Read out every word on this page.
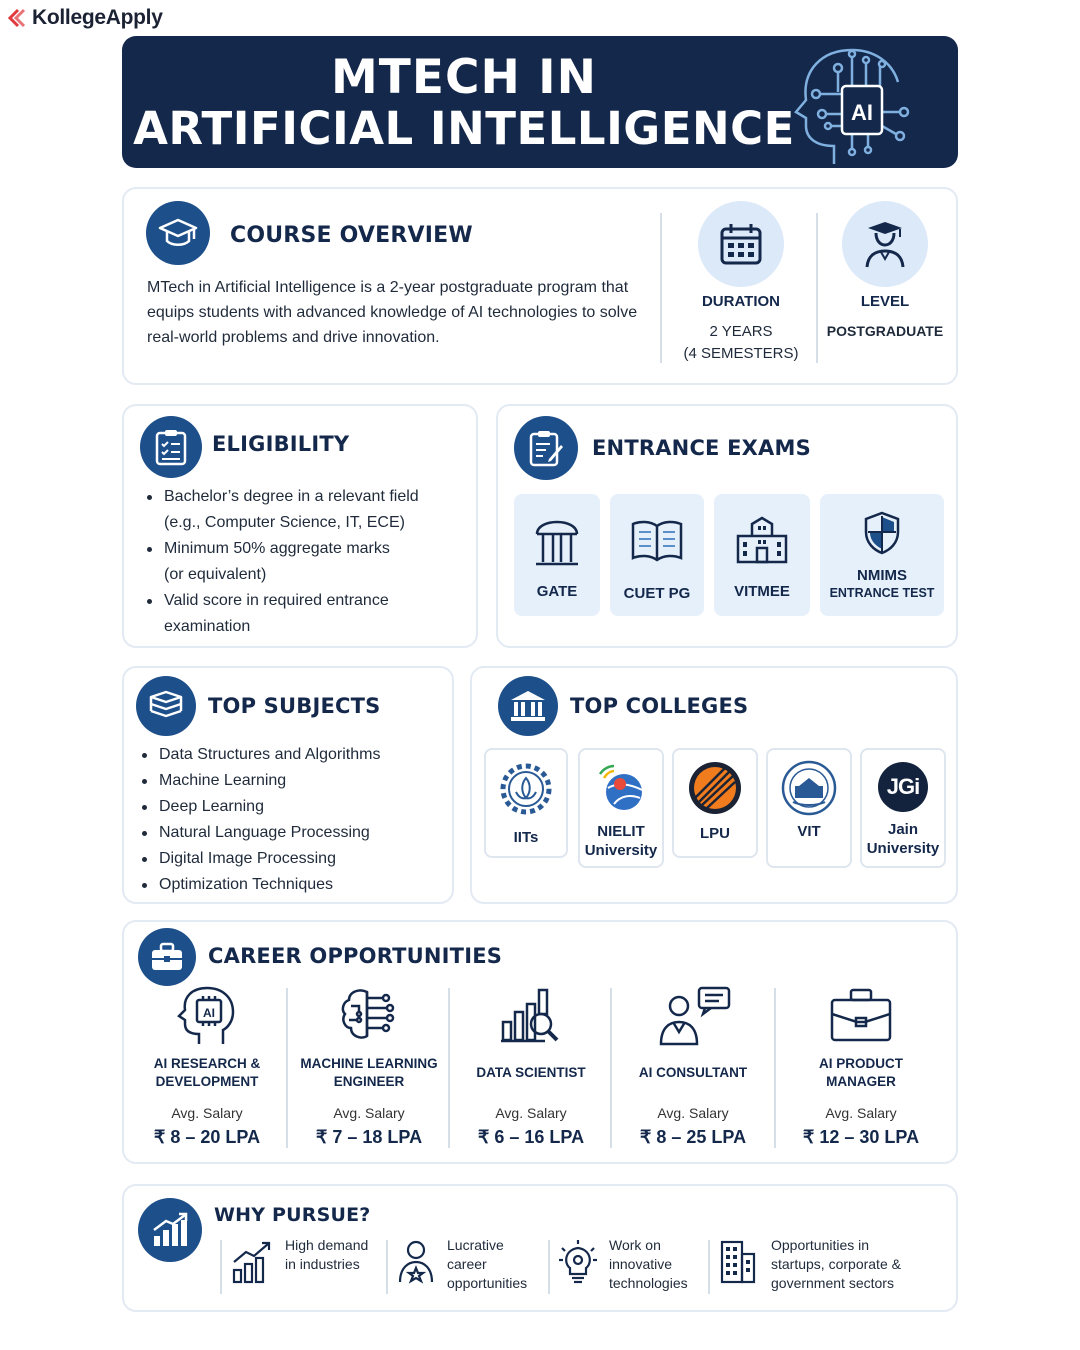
KollegeApply
MTECH IN
ARTIFICIAL INTELLIGENCE	AI
COURSE OVERVIEW
MTech in Artificial Intelligence is a 2-year postgraduate program that equips students with advanced knowledge of AI technologies to solve real-world problems and drive innovation.
DURATION
2 YEARS
(4 SEMESTERS)
LEVEL
POSTGRADUATE
ELIGIBILITY
Bachelor’s degree in a relevant field
(e.g., Computer Science, IT, ECE)
Minimum 50% aggregate marks
(or equivalent)
Valid score in required entrance
examination
ENTRANCE EXAMS
GATE	CUET PG	VITMEE
NMIMS
ENTRANCE TEST
TOP SUBJECTS
Data Structures and Algorithms
Machine Learning
Deep Learning
Natural Language Processing
Digital Image Processing
Optimization Techniques
TOP COLLEGES
IITs	NIELIT
University
LPU	VIT
JGi
Jain
University
CAREER OPPORTUNITIES
AI
AI RESEARCH &
DEVELOPMENT
Avg. Salary
₹ 8 – 20 LPA
MACHINE LEARNING
ENGINEER
Avg. Salary
₹ 7 – 18 LPA
DATA SCIENTIST
Avg. Salary
₹ 6 – 16 LPA
AI CONSULTANT
Avg. Salary
₹ 8 – 25 LPA
AI PRODUCT
MANAGER
Avg. Salary
₹ 12 – 30 LPA
WHY PURSUE?
High demand
in industries
Lucrative
career
opportunities
Work on
innovative
technologies
Opportunities in
startups, corporate &
government sectors
